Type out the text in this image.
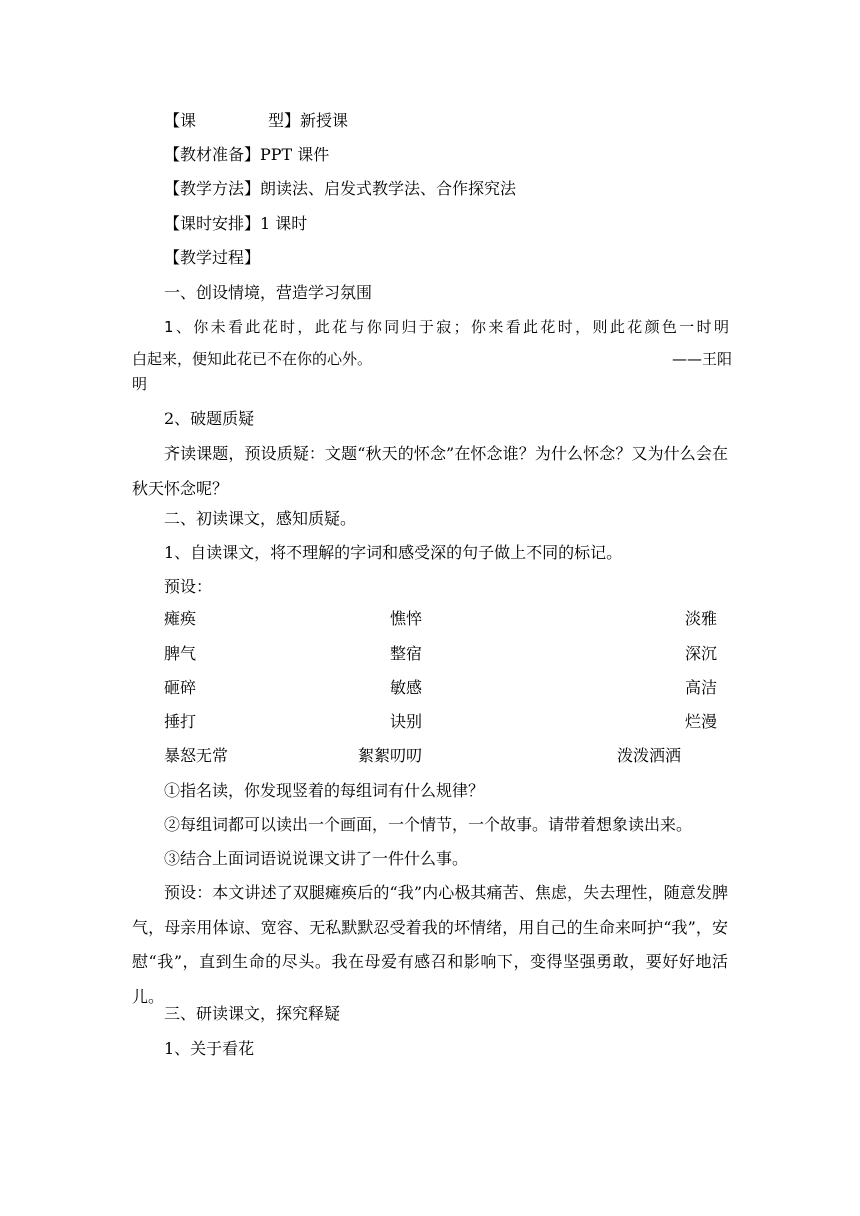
【课	型】新授课
【教材准备】PPT 课件
【教学方法】朗读法、启发式教学法、合作探究法
【课时安排】1 课时
【教学过程】
一、创设情境，营造学习氛围
1、你未看此花时，此花与你同归于寂；你来看此花时，则此花颜色一时明
白起来，便知此花已不在你的心外。	——王阳
明
2、破题质疑

齐读课题，预设质疑：文题“秋天的怀念”在怀念谁？为什么怀念？又为什么会在秋天怀念呢？

二、初读课文，感知质疑。
1、自读课文，将不理解的字词和感受深的句子做上不同的标记。
预设：
瘫痪	憔悴	淡雅
脾气	整宿	深沉
砸碎	敏感	高洁
捶打	诀别	烂漫
暴怒无常	絮絮叨叨	泼泼洒洒
①指名读，你发现竖着的每组词有什么规律？
②每组词都可以读出一个画面，一个情节，一个故事。请带着想象读出来。
③结合上面词语说说课文讲了一件什么事。

预设：本文讲述了双腿瘫痪后的“我”内心极其痛苦、焦虑，失去理性，随意发脾气，母亲用体谅、宽容、无私默默忍受着我的坏情绪，用自己的生命来呵护“我”，安慰“我”，直到生命的尽头。我在母爱有感召和影响下，变得坚强勇敢，要好好地活儿。

三、研读课文，探究释疑
1、关于看花
